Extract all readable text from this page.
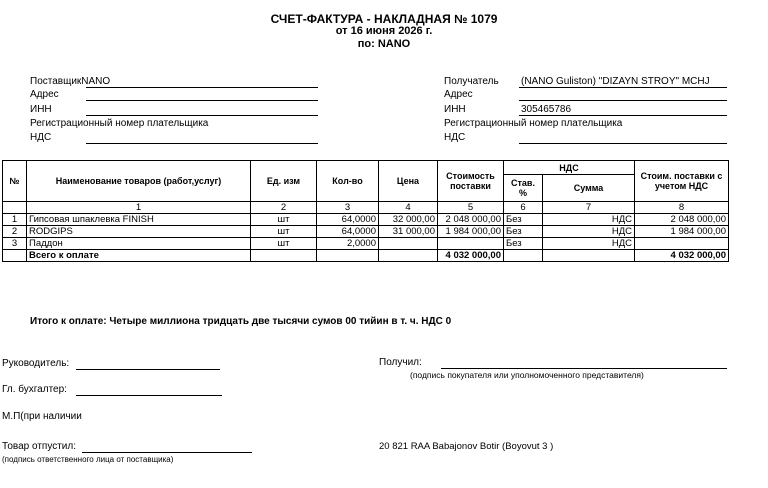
СЧЕТ-ФАКТУРА - НАКЛАДНАЯ № 1079
от 16 июня 2026 г.
по: NANO
ПоставщикNANO
Адрес
ИНН
Регистрационный номер плательщика
НДС
Получатель (NANO Guliston) "DIZAYN STROY" MCHJ
Адрес
ИНН	305465786
Регистрационный номер плательщика
НДС
№	Наименование товаров (работ,услуг)	Ед. изм	Кол-во	Цена	Стоимость поставки	НДС		Стоим. поставки с учетом НДС
						Став. %	Сумма	
	1	2	3	4	5	6	7	8
1	Гипсовая шпаклевка FINISH	шт	64,0000	32 000,00	2 048 000,00	Без	НДС	2 048 000,00
2	RODGIPS	шт	64,0000	31 000,00	1 984 000,00	Без	НДС	1 984 000,00
3	Паддон	шт	2,0000			Без	НДС	
	Всего к оплате				4 032 000,00			4 032 000,00
Итого к оплате: Четыре миллиона тридцать две тысячи сумов 00 тийин в т. ч. НДС 0
Руководитель:
Гл. бухгалтер:
М.П(при наличии
Товар отпустил:
(подпись ответственного лица от поставщика)
Получил:
(подпись покупателя или уполномоченного представителя)
20 821 RAA Babajonov Botir (Boyovut 3 )
